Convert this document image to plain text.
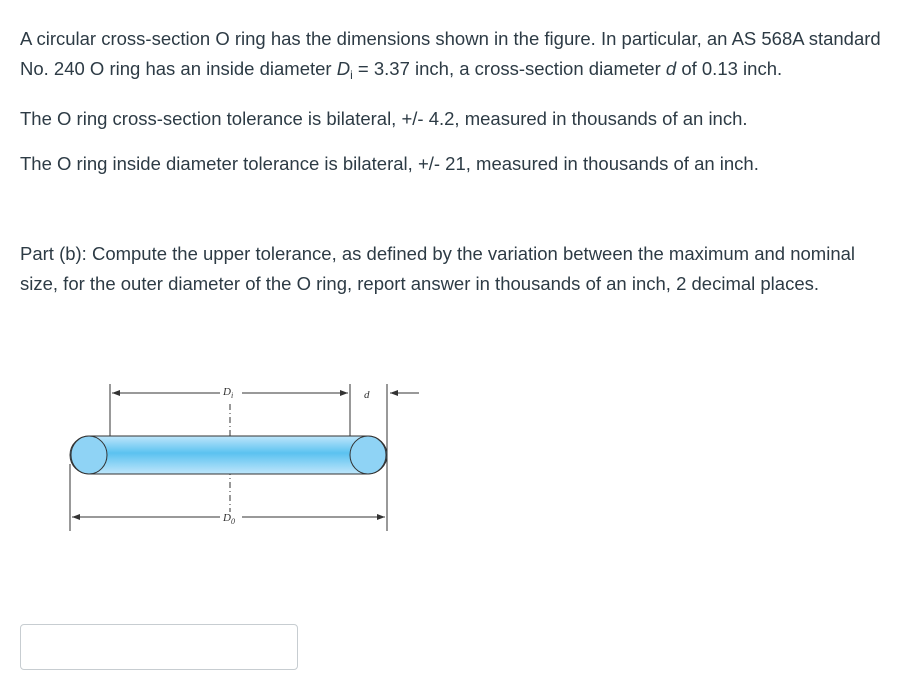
A circular cross-section O ring has the dimensions shown in the figure. In particular, an AS 568A standard No. 240 O ring has an inside diameter $D_i = 3.37$ inch, a cross-section diameter d of 0.13 inch.

The O ring cross-section tolerance is bilateral, +/- 4.2, measured in thousands of an inch.

The O ring inside diameter tolerance is bilateral, +/- 21, measured in thousands of an inch.

Part (b): Compute the upper tolerance, as defined by the variation between the maximum and nominal size, for the outer diameter of the O ring, report answer in thousands of an inch, 2 decimal places.

D i	d
D 0
